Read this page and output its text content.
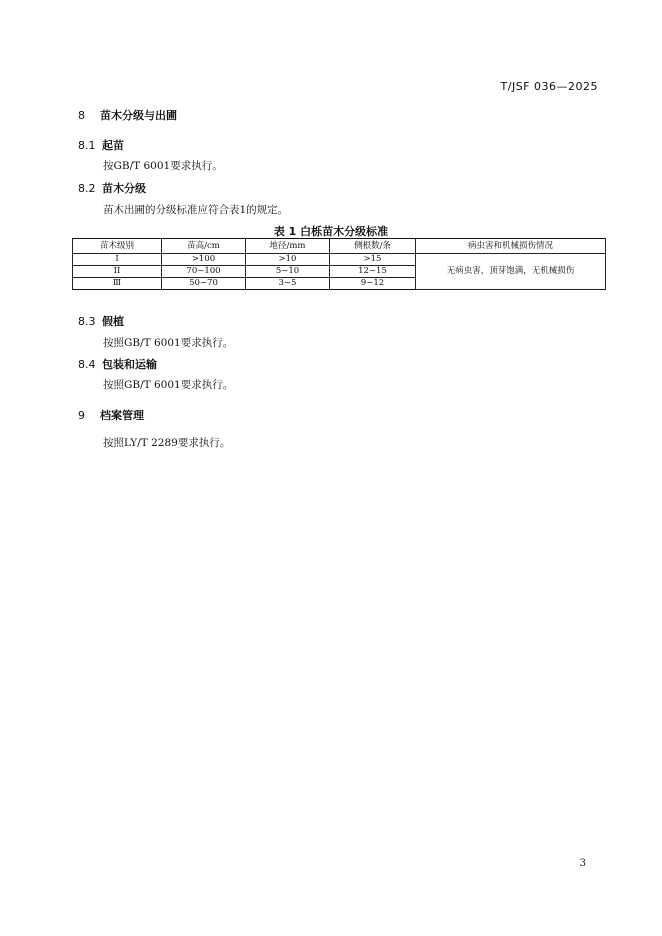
T/JSF 036—2025
8 苗木分级与出圃
8.1 起苗
按GB/T 6001要求执行。
8.2 苗木分级
苗木出圃的分级标准应符合表1的规定。
表 1 白栎苗木分级标准
苗木级别	苗高/cm	地径/mm	侧根数/条	病虫害和机械损伤情况
I	>100	>10	>15	无病虫害，顶芽饱满，无机械损伤
II	70~100	5~10	12~15	
Ⅲ	50~70	3~5	9~12	
8.3 假植
按照GB/T 6001要求执行。
8.4 包装和运输
按照GB/T 6001要求执行。
9 档案管理
按照LY/T 2289要求执行。
3
